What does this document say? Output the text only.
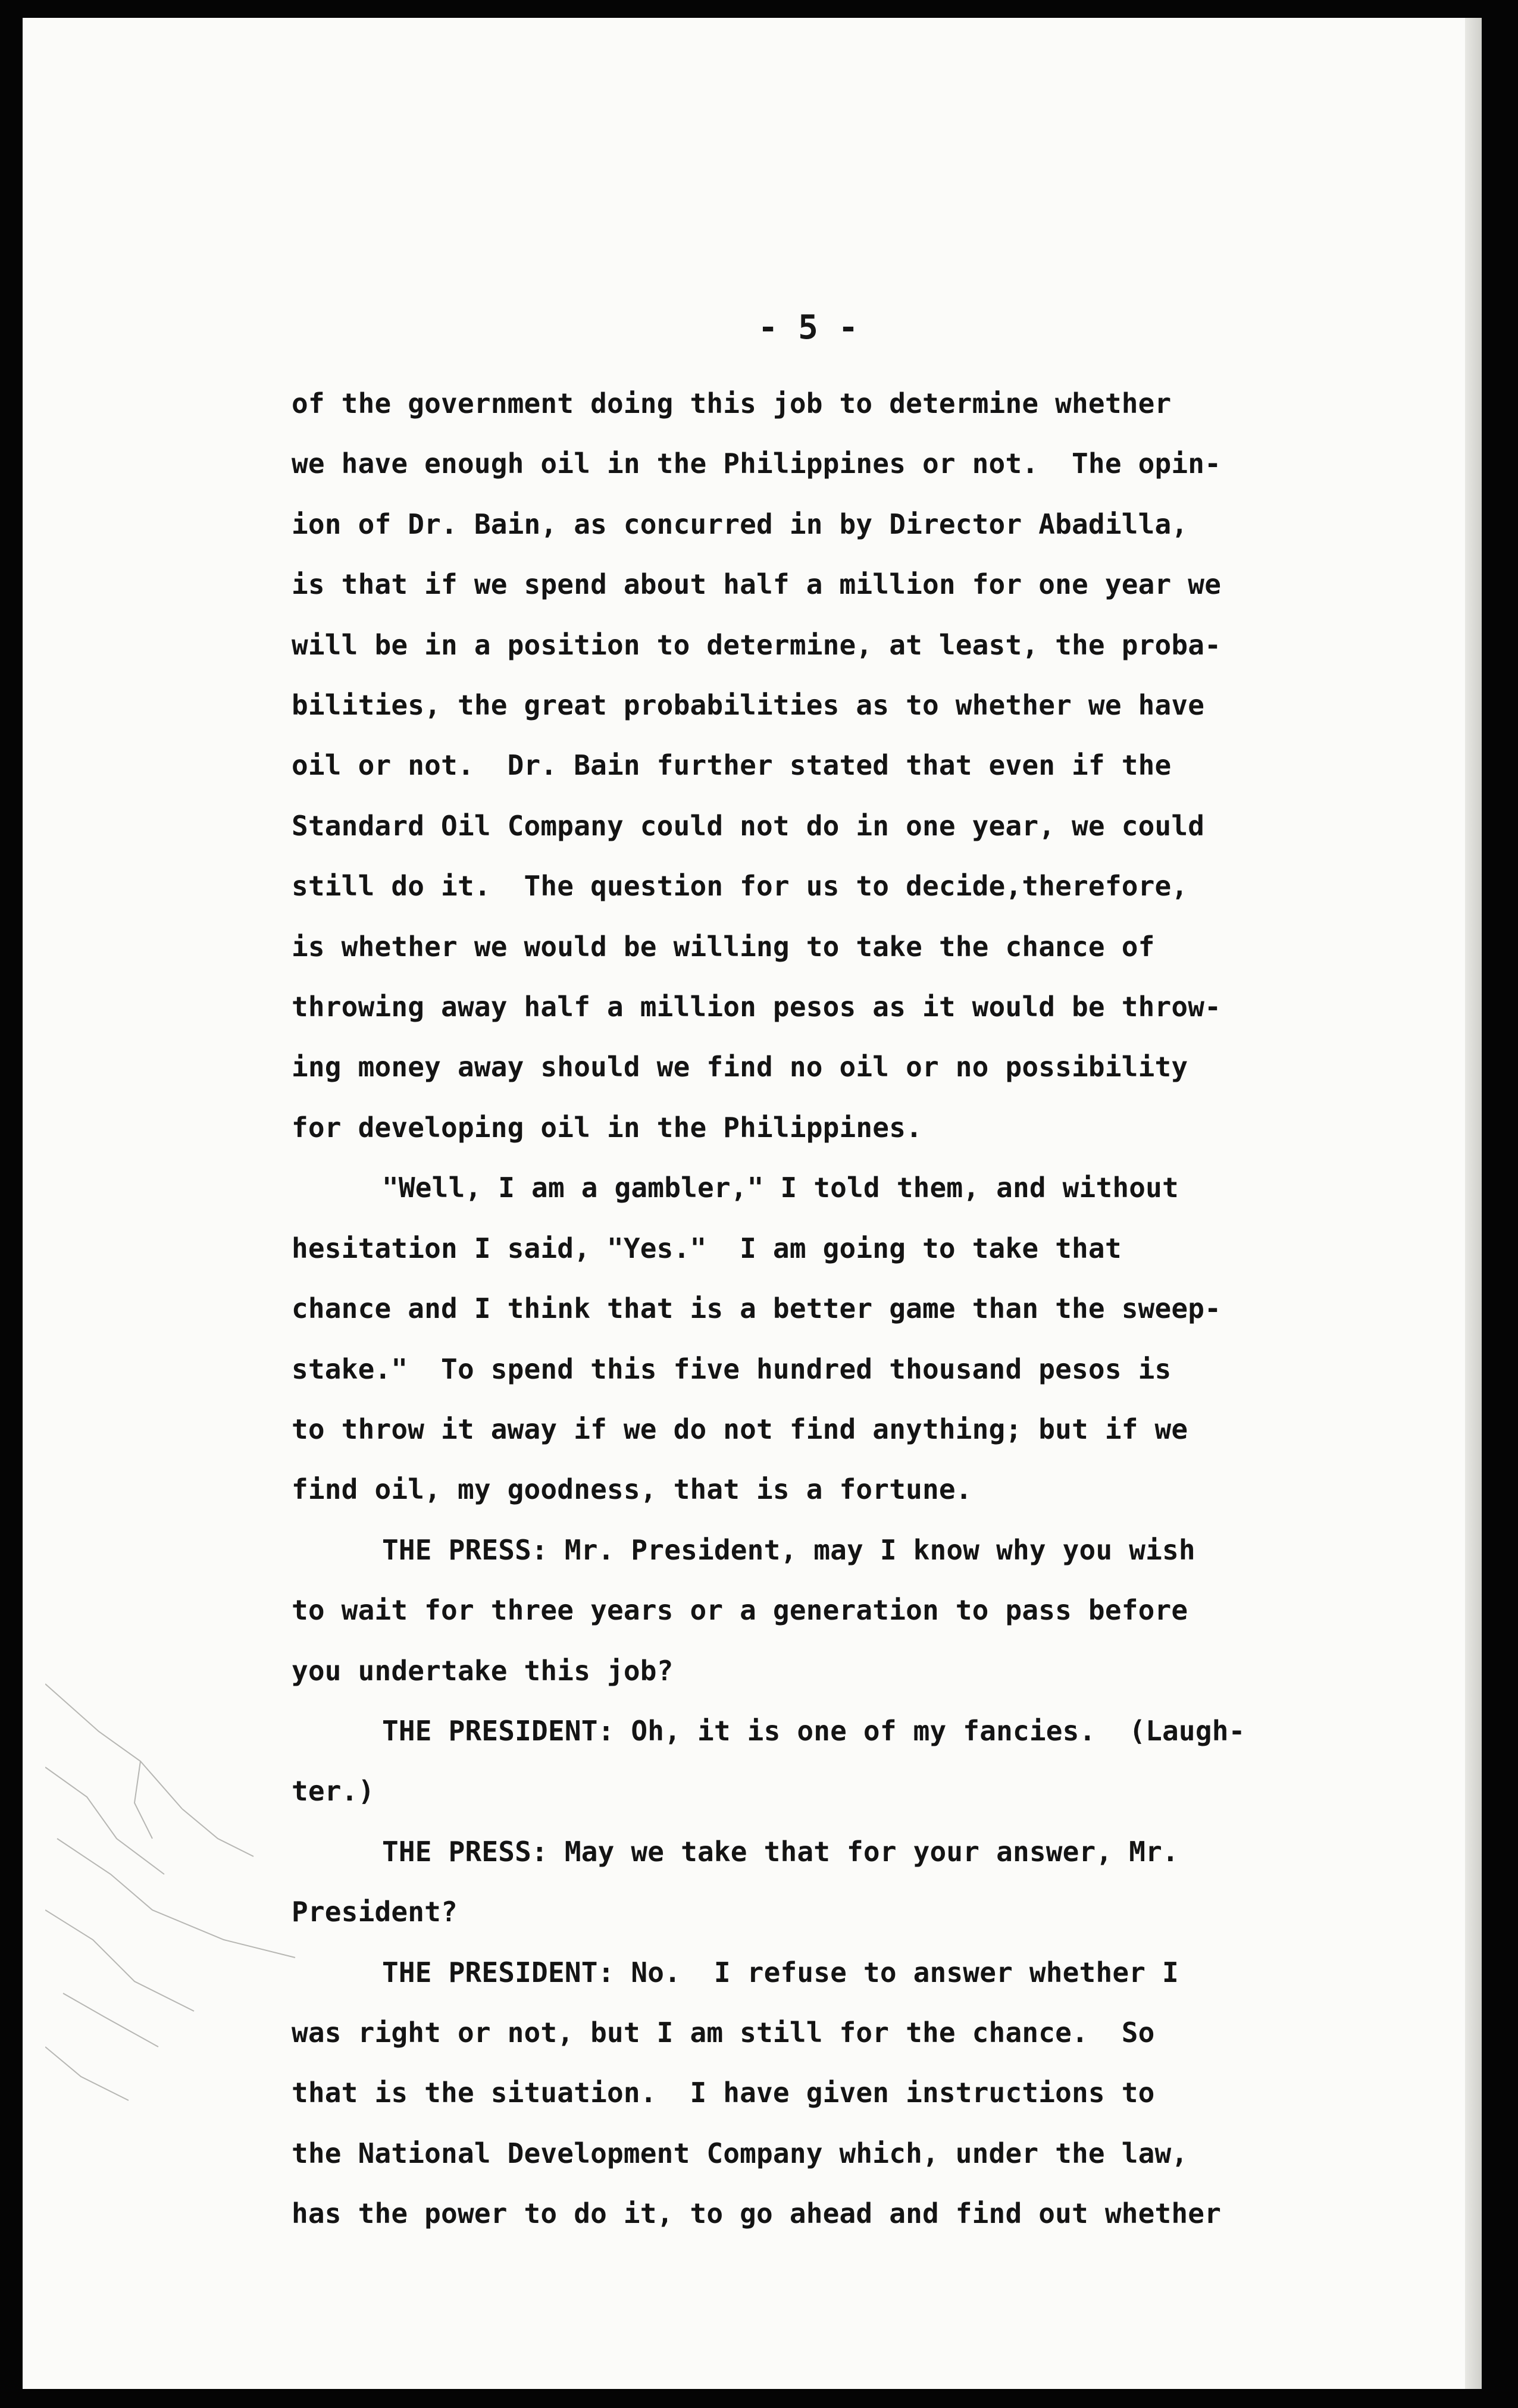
- 5 -
of the government doing this job to determine whether
we have enough oil in the Philippines or not.  The opin-
ion of Dr. Bain, as concurred in by Director Abadilla,
is that if we spend about half a million for one year we
will be in a position to determine, at least, the proba-
bilities, the great probabilities as to whether we have
oil or not.  Dr. Bain further stated that even if the
Standard Oil Company could not do in one year, we could
still do it.  The question for us to decide,therefore,
is whether we would be willing to take the chance of
throwing away half a million pesos as it would be throw-
ing money away should we find no oil or no possibility
for developing oil in the Philippines.
"Well, I am a gambler," I told them, and without
hesitation I said, "Yes."  I am going to take that
chance and I think that is a better game than the sweep-
stake."  To spend this five hundred thousand pesos is
to throw it away if we do not find anything; but if we
find oil, my goodness, that is a fortune.
THE PRESS: Mr. President, may I know why you wish
to wait for three years or a generation to pass before
you undertake this job?
THE PRESIDENT: Oh, it is one of my fancies.  (Laugh-
ter.)
THE PRESS: May we take that for your answer, Mr.
President?
THE PRESIDENT: No.  I refuse to answer whether I
was right or not, but I am still for the chance.  So
that is the situation.  I have given instructions to
the National Development Company which, under the law,
has the power to do it, to go ahead and find out whether
